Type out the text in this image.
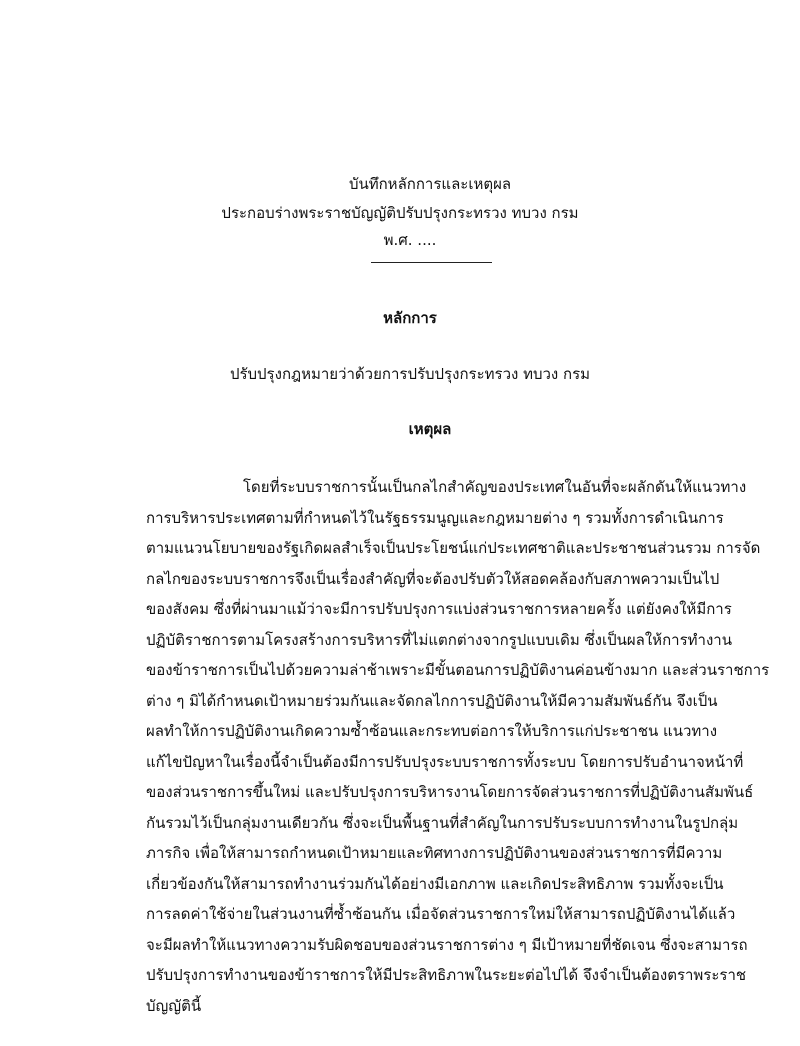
บันทึกหลักการและเหตุผล
ประกอบร่างพระราชบัญญัติปรับปรุงกระทรวง ทบวง กรม
พ.ศ. ....
หลักการ
ปรับปรุงกฎหมายว่าด้วยการปรับปรุงกระทรวง ทบวง กรม
เหตุผล
โดยที่ระบบราชการนั้นเป็นกลไกสำคัญของประเทศในอันที่จะผลักดันให้แนวทาง
การบริหารประเทศตามที่กำหนดไว้ในรัฐธรรมนูญและกฎหมายต่าง ๆ รวมทั้งการดำเนินการ
ตามแนวนโยบายของรัฐเกิดผลสำเร็จเป็นประโยชน์แก่ประเทศชาติและประชาชนส่วนรวม การจัด
กลไกของระบบราชการจึงเป็นเรื่องสำคัญที่จะต้องปรับตัวให้สอดคล้องกับสภาพความเป็นไป
ของสังคม ซึ่งที่ผ่านมาแม้ว่าจะมีการปรับปรุงการแบ่งส่วนราชการหลายครั้ง แต่ยังคงให้มีการ
ปฏิบัติราชการตามโครงสร้างการบริหารที่ไม่แตกต่างจากรูปแบบเดิม ซึ่งเป็นผลให้การทำงาน
ของข้าราชการเป็นไปด้วยความล่าช้าเพราะมีขั้นตอนการปฏิบัติงานค่อนข้างมาก และส่วนราชการ
ต่าง ๆ มิได้กำหนดเป้าหมายร่วมกันและจัดกลไกการปฏิบัติงานให้มีความสัมพันธ์กัน จึงเป็น
ผลทำให้การปฏิบัติงานเกิดความซ้ำซ้อนและกระทบต่อการให้บริการแก่ประชาชน แนวทาง
แก้ไขปัญหาในเรื่องนี้จำเป็นต้องมีการปรับปรุงระบบราชการทั้งระบบ โดยการปรับอำนาจหน้าที่
ของส่วนราชการขึ้นใหม่ และปรับปรุงการบริหารงานโดยการจัดส่วนราชการที่ปฏิบัติงานสัมพันธ์
กันรวมไว้เป็นกลุ่มงานเดียวกัน ซึ่งจะเป็นพื้นฐานที่สำคัญในการปรับระบบการทำงานในรูปกลุ่ม
ภารกิจ เพื่อให้สามารถกำหนดเป้าหมายและทิศทางการปฏิบัติงานของส่วนราชการที่มีความ
เกี่ยวข้องกันให้สามารถทำงานร่วมกันได้อย่างมีเอกภาพ และเกิดประสิทธิภาพ รวมทั้งจะเป็น
การลดค่าใช้จ่ายในส่วนงานที่ซ้ำซ้อนกัน เมื่อจัดส่วนราชการใหม่ให้สามารถปฏิบัติงานได้แล้ว
จะมีผลทำให้แนวทางความรับผิดชอบของส่วนราชการต่าง ๆ มีเป้าหมายที่ชัดเจน ซึ่งจะสามารถ
ปรับปรุงการทำงานของข้าราชการให้มีประสิทธิภาพในระยะต่อไปได้ จึงจำเป็นต้องตราพระราช
บัญญัตินี้
